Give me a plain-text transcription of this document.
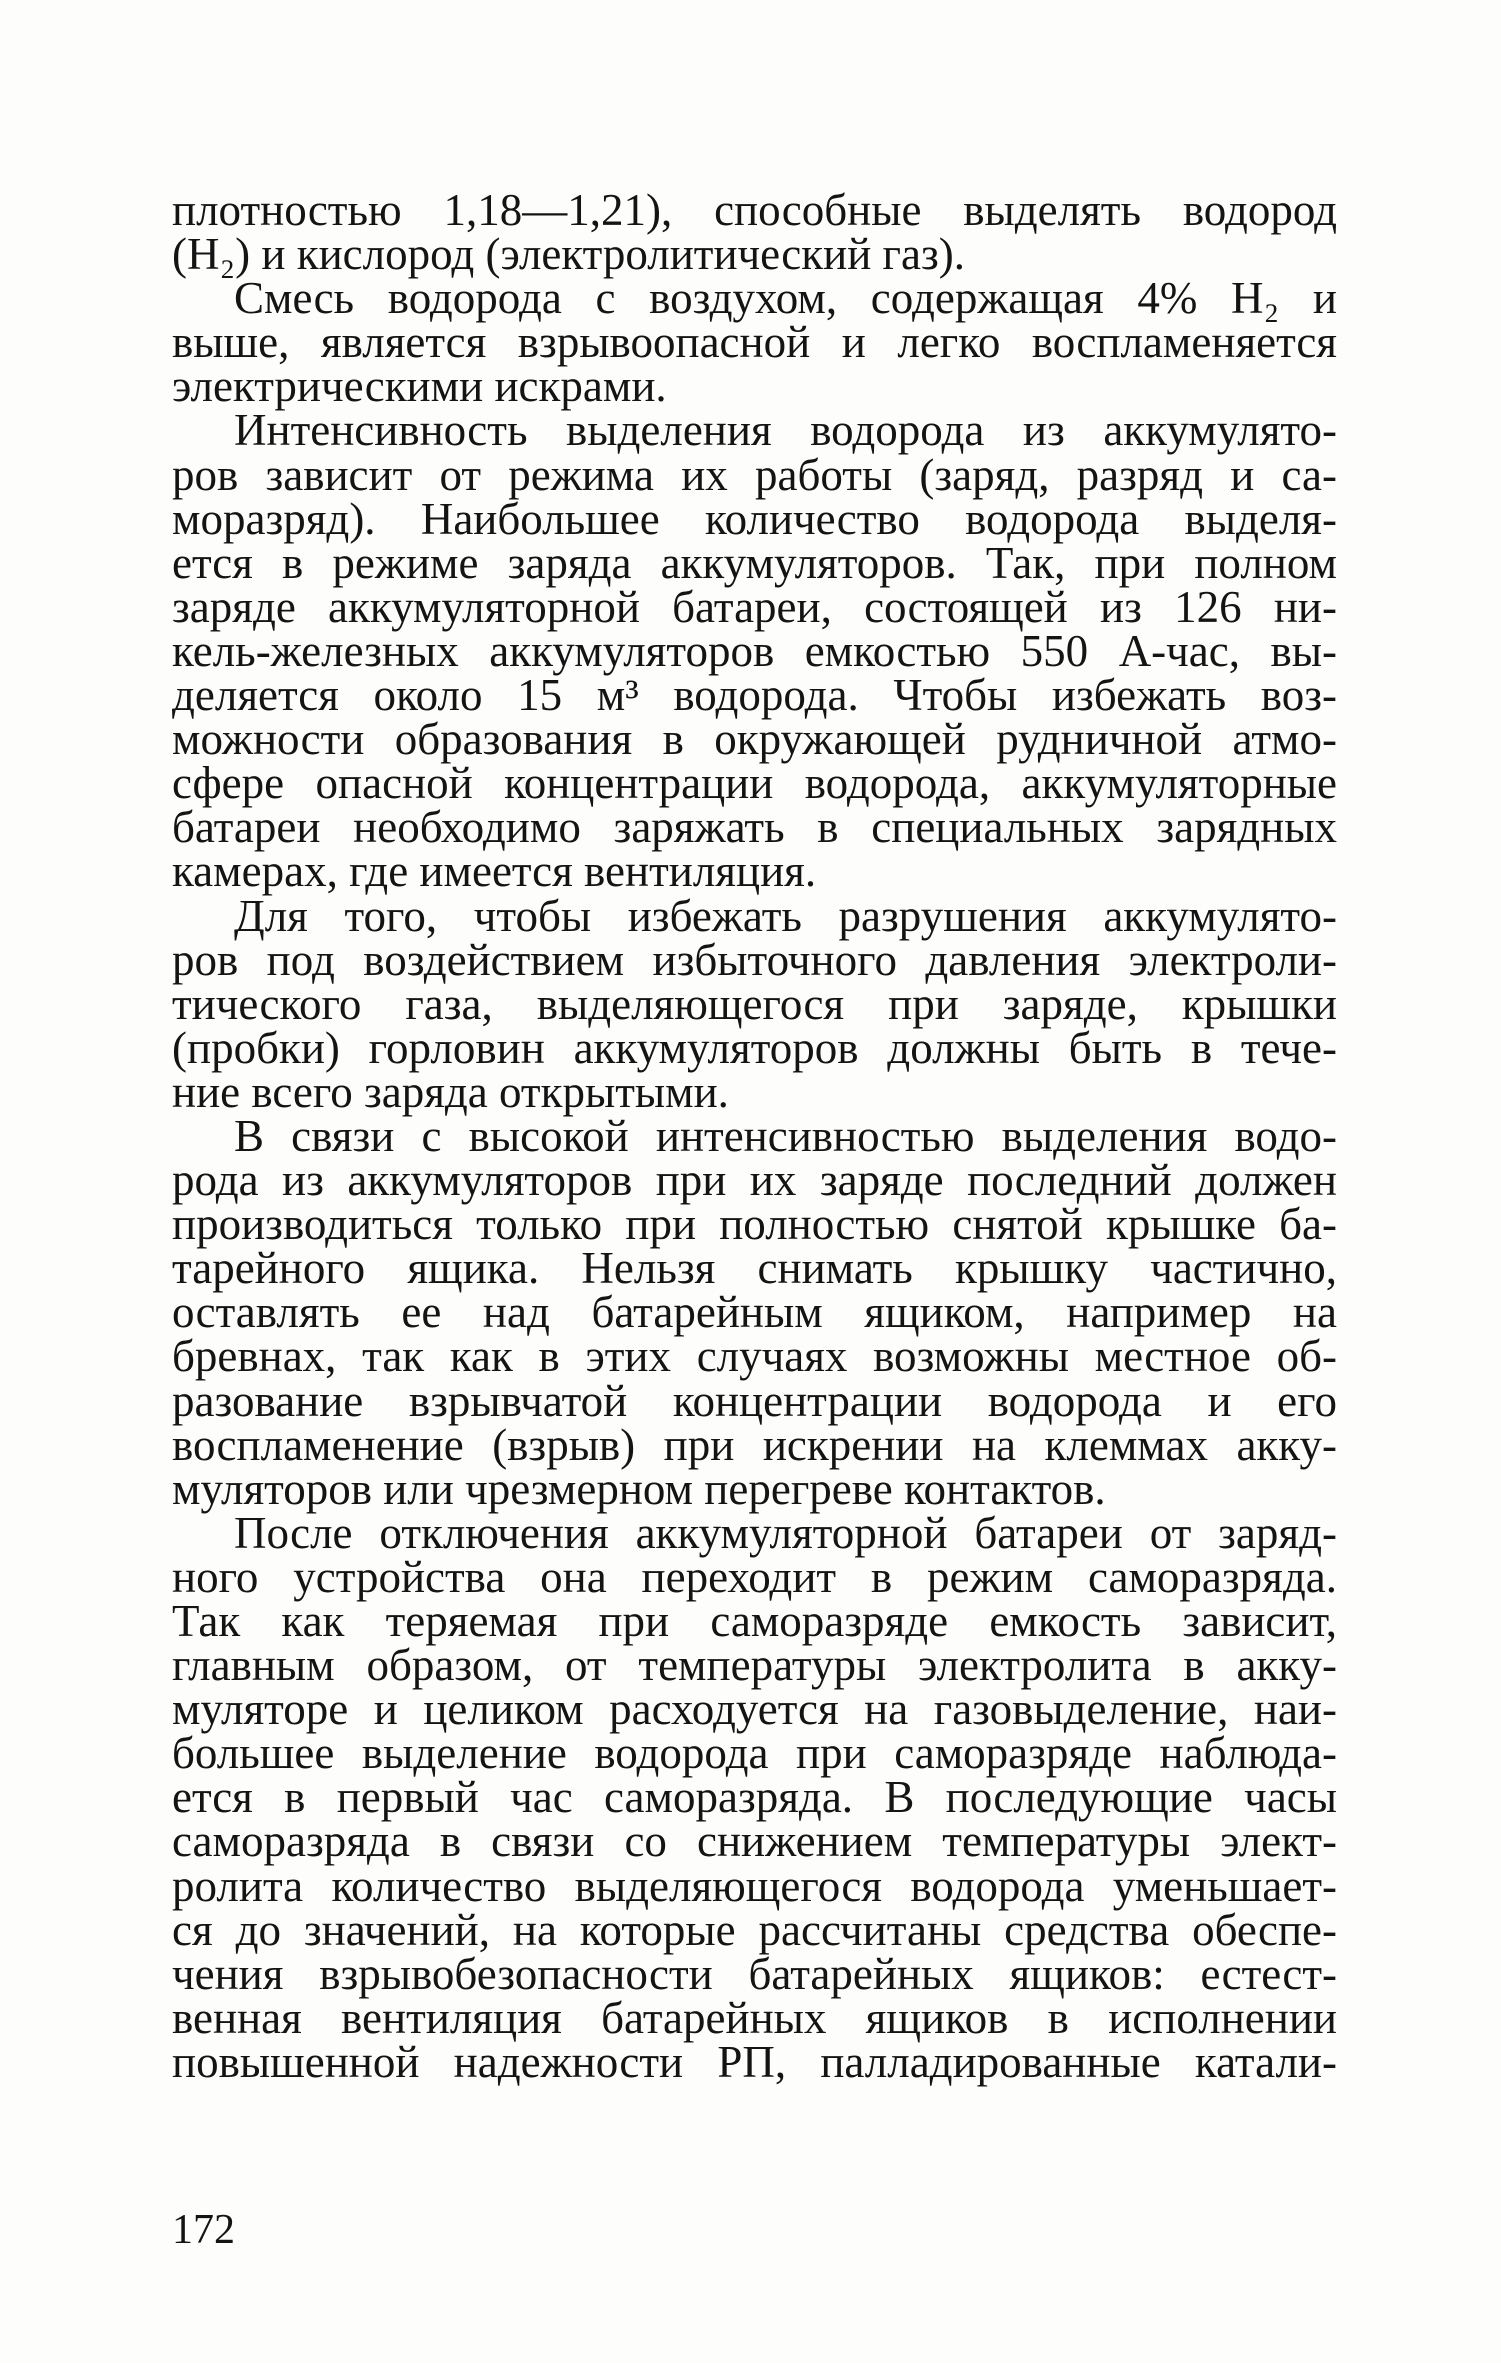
плотностью 1,18—1,21), способные выделять водород
(H₂) и кислород (электролитический газ).

Смесь водорода с воздухом, содержащая 4% H₂ и
выше, является взрывоопасной и легко воспламеняется
электрическими искрами.

Интенсивность выделения водорода из аккумулято-
ров зависит от режима их работы (заряд, разряд и са-
моразряд). Наибольшее количество водорода выделя-
ется в режиме заряда аккумуляторов. Так, при полном
заряде аккумуляторной батареи, состоящей из 126 ни-
кель-железных аккумуляторов емкостью 550 А-час, вы-
деляется около 15 м³ водорода. Чтобы избежать воз-
можности образования в окружающей рудничной атмо-
сфере опасной концентрации водорода, аккумуляторные
батареи необходимо заряжать в специальных зарядных
камерах, где имеется вентиляция.

Для того, чтобы избежать разрушения аккумулято-
ров под воздействием избыточного давления электроли-
тического газа, выделяющегося при заряде, крышки
(пробки) горловин аккумуляторов должны быть в тече-
ние всего заряда открытыми.

В связи с высокой интенсивностью выделения водо-
рода из аккумуляторов при их заряде последний должен
производиться только при полностью снятой крышке ба-
тарейного ящика. Нельзя снимать крышку частично,
оставлять ее над батарейным ящиком, например на
бревнах, так как в этих случаях возможны местное об-
разование взрывчатой концентрации водорода и его
воспламенение (взрыв) при искрении на клеммах акку-
муляторов или чрезмерном перегреве контактов.

После отключения аккумуляторной батареи от заряд-
ного устройства она переходит в режим саморазряда.
Так как теряемая при саморазряде емкость зависит,
главным образом, от температуры электролита в акку-
муляторе и целиком расходуется на газовыделение, наи-
большее выделение водорода при саморазряде наблюда-
ется в первый час саморазряда. В последующие часы
саморазряда в связи со снижением температуры элект-
ролита количество выделяющегося водорода уменьшает-
ся до значений, на которые рассчитаны средства обеспе-
чения взрывобезопасности батарейных ящиков: естест-
венная вентиляция батарейных ящиков в исполнении
повышенной надежности РП, палладированные катали-

172
